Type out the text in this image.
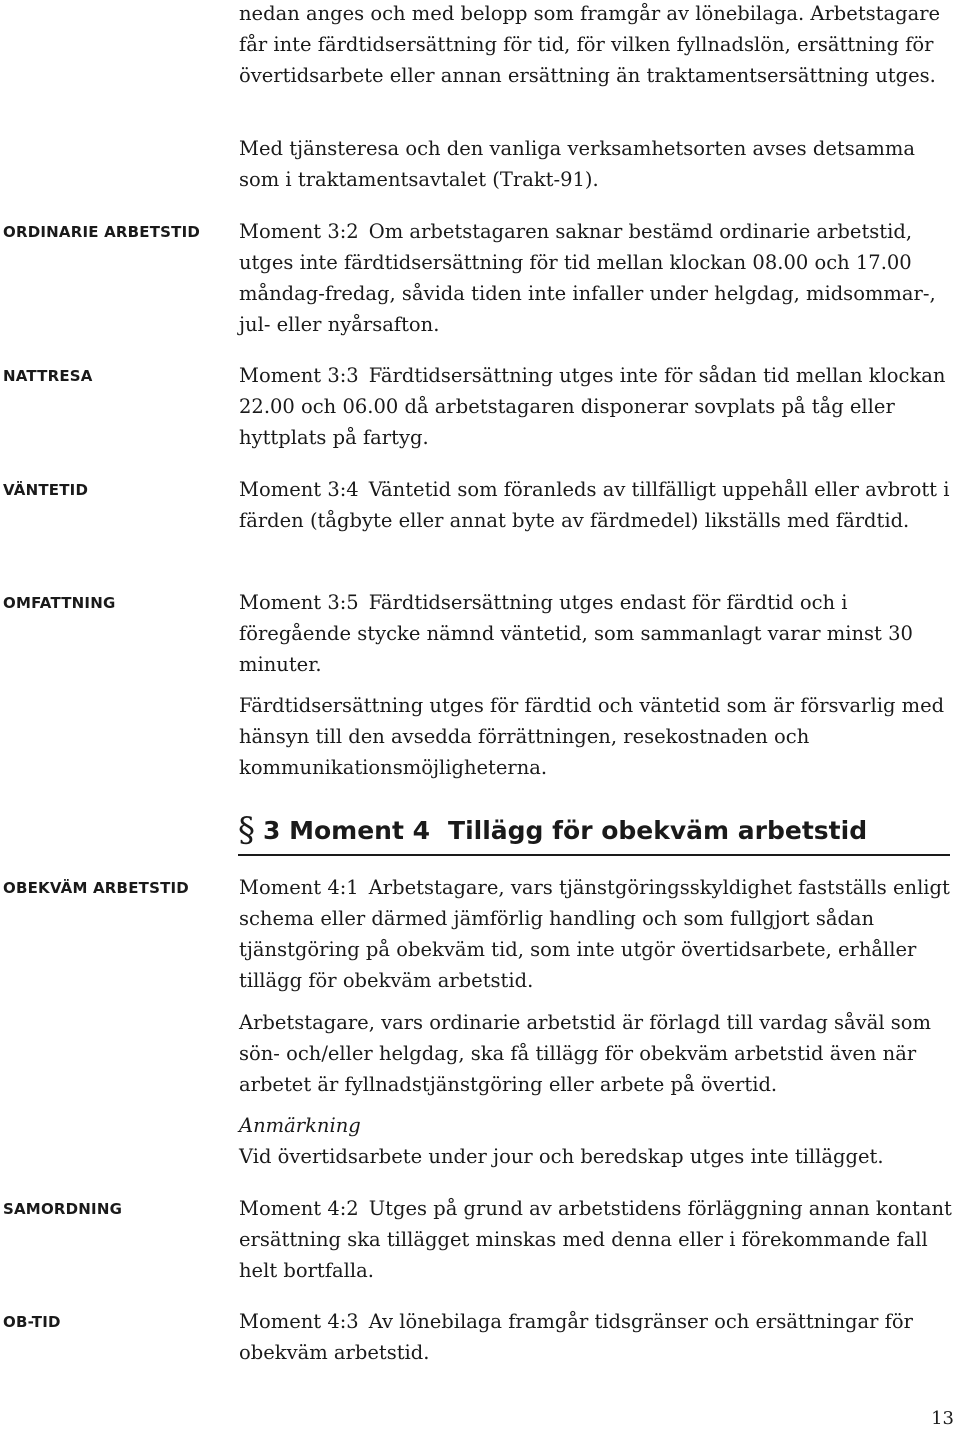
ORDINARIE ARBETSTID
NATTRESA
VÄNTETID
OMFATTNING
OBEKVÄM ARBETSTID
SAMORDNING
OB-TID

nedan anges och med belopp som framgår av lönebilaga. Arbetstagare får inte färdtidsersättning för tid, för vilken fyllnadslön, ersättning för övertidsarbete eller annan ersättning än traktamentsersättning utges.

Med tjänsteresa och den vanliga verksamhetsorten avses detsamma som i traktamentsavtalet (Trakt-91).

Moment 3:2 Om arbetstagaren saknar bestämd ordinarie arbetstid, utges inte färdtidsersättning för tid mellan klockan 08.00 och 17.00 måndag-fredag, såvida tiden inte infaller under helgdag, midsommar-, jul- eller nyårsafton.

Moment 3:3 Färdtidsersättning utges inte för sådan tid mellan klockan 22.00 och 06.00 då arbetstagaren disponerar sovplats på tåg eller hyttplats på fartyg.

Moment 3:4 Väntetid som föranleds av tillfälligt uppehåll eller avbrott i färden (tågbyte eller annat byte av färdmedel) likställs med färdtid.

Moment 3:5 Färdtidsersättning utges endast för färdtid och i föregående stycke nämnd väntetid, som sammanlagt varar minst 30 minuter.

Färdtidsersättning utges för färdtid och väntetid som är försvarlig med hänsyn till den avsedda förrättningen, resekostnaden och kommunikationsmöjligheterna.

§ 3 Moment 4 Tillägg för obekväm arbetstid

Moment 4:1 Arbetstagare, vars tjänstgöringsskyldighet fastställs enligt schema eller därmed jämförlig handling och som fullgjort sådan tjänstgöring på obekväm tid, som inte utgör övertidsarbete, erhåller tillägg för obekväm arbetstid.

Arbetstagare, vars ordinarie arbetstid är förlagd till vardag såväl som sön- och/eller helgdag, ska få tillägg för obekväm arbetstid även när arbetet är fyllnadstjänstgöring eller arbete på övertid.

Anmärkning
Vid övertidsarbete under jour och beredskap utges inte tillägget.

Moment 4:2 Utges på grund av arbetstidens förläggning annan kontant ersättning ska tillägget minskas med denna eller i förekommande fall helt bortfalla.

Moment 4:3 Av lönebilaga framgår tidsgränser och ersättningar för obekväm arbetstid.

13
